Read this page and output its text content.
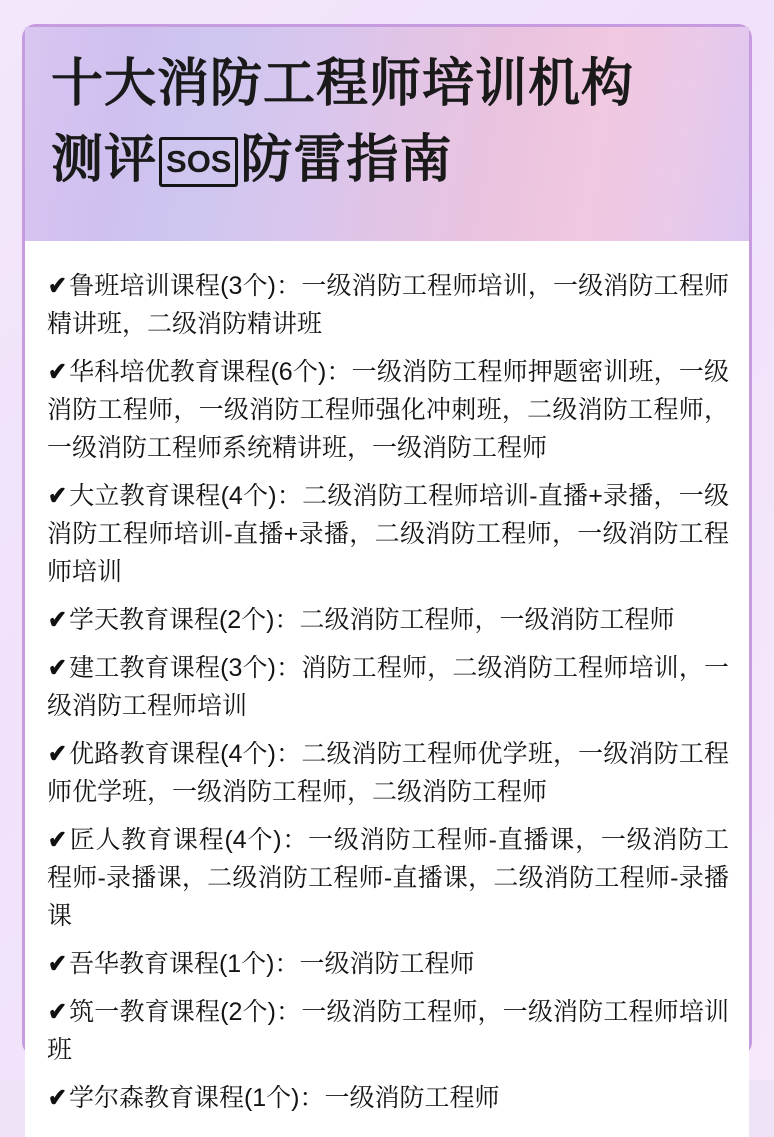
十大消防工程师培训机构
测评 SOS 防雷指南
✔鲁班培训课程(3个)：一级消防工程师培训，一级消防工程师精讲班，二级消防精讲班
✔华科培优教育课程(6个)：一级消防工程师押题密训班，一级消防工程师，一级消防工程师强化冲刺班，二级消防工程师，一级消防工程师系统精讲班，一级消防工程师
✔大立教育课程(4个)：二级消防工程师培训-直播+录播，一级消防工程师培训-直播+录播，二级消防工程师，一级消防工程师培训
✔学天教育课程(2个)：二级消防工程师，一级消防工程师
✔建工教育课程(3个)：消防工程师，二级消防工程师培训，一级消防工程师培训
✔优路教育课程(4个)：二级消防工程师优学班，一级消防工程师优学班，一级消防工程师，二级消防工程师
✔匠人教育课程(4个)：一级消防工程师-直播课，一级消防工程师-录播课，二级消防工程师-直播课，二级消防工程师-录播课
✔吾华教育课程(1个)：一级消防工程师
✔筑一教育课程(2个)：一级消防工程师，一级消防工程师培训班
✔学尔森教育课程(1个)：一级消防工程师
